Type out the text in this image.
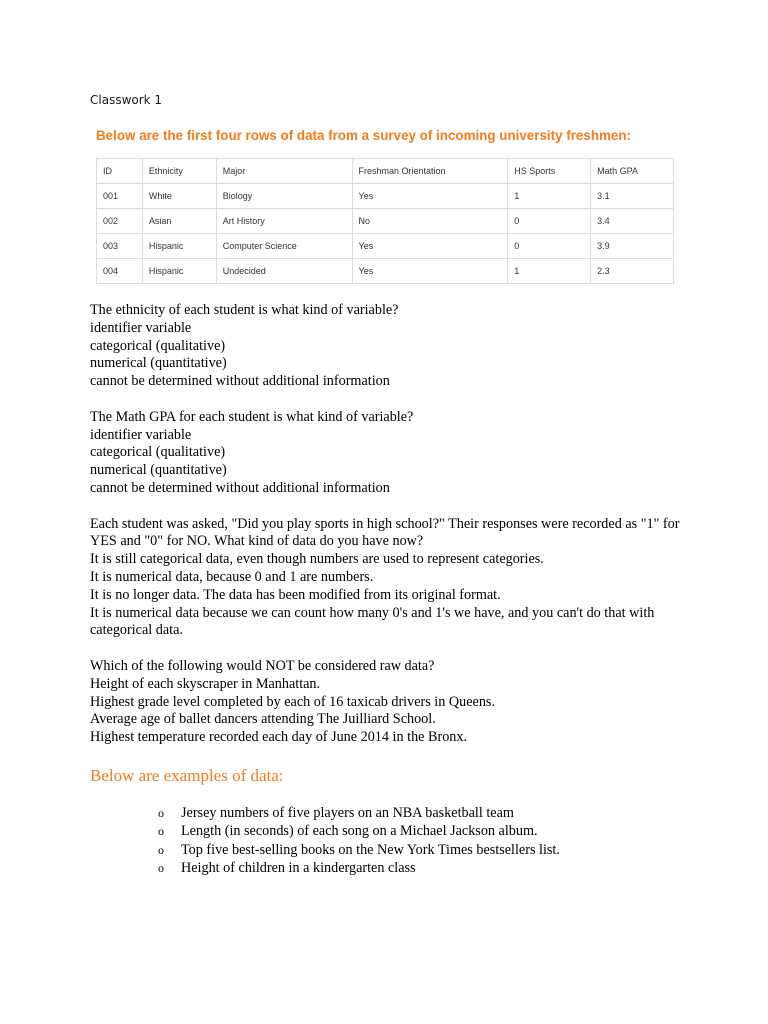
Classwork 1
Below are the first four rows of data from a survey of incoming university freshmen:
ID	Ethnicity	Major	Freshman Orientation	HS Sports	Math GPA
001	White	Biology	Yes	1	3.1
002	Asian	Art History	No	0	3.4
003	Hispanic	Computer Science	Yes	0	3.9
004	Hispanic	Undecided	Yes	1	2.3

The ethnicity of each student is what kind of variable?
identifier variable
categorical (qualitative)
numerical (quantitative)
cannot be determined without additional information

The Math GPA for each student is what kind of variable?
identifier variable
categorical (qualitative)
numerical (quantitative)
cannot be determined without additional information

Each student was asked, "Did you play sports in high school?" Their responses were recorded as "1" for YES and "0" for NO. What kind of data do you have now?
It is still categorical data, even though numbers are used to represent categories.
It is numerical data, because 0 and 1 are numbers.
It is no longer data. The data has been modified from its original format.
It is numerical data because we can count how many 0's and 1's we have, and you can't do that with categorical data.

Which of the following would NOT be considered raw data?
Height of each skyscraper in Manhattan.
Highest grade level completed by each of 16 taxicab drivers in Queens.
Average age of ballet dancers attending The Juilliard School.
Highest temperature recorded each day of June 2014 in the Bronx.

Below are examples of data:
o Jersey numbers of five players on an NBA basketball team
o Length (in seconds) of each song on a Michael Jackson album.
o Top five best-selling books on the New York Times bestsellers list.
o Height of children in a kindergarten class
